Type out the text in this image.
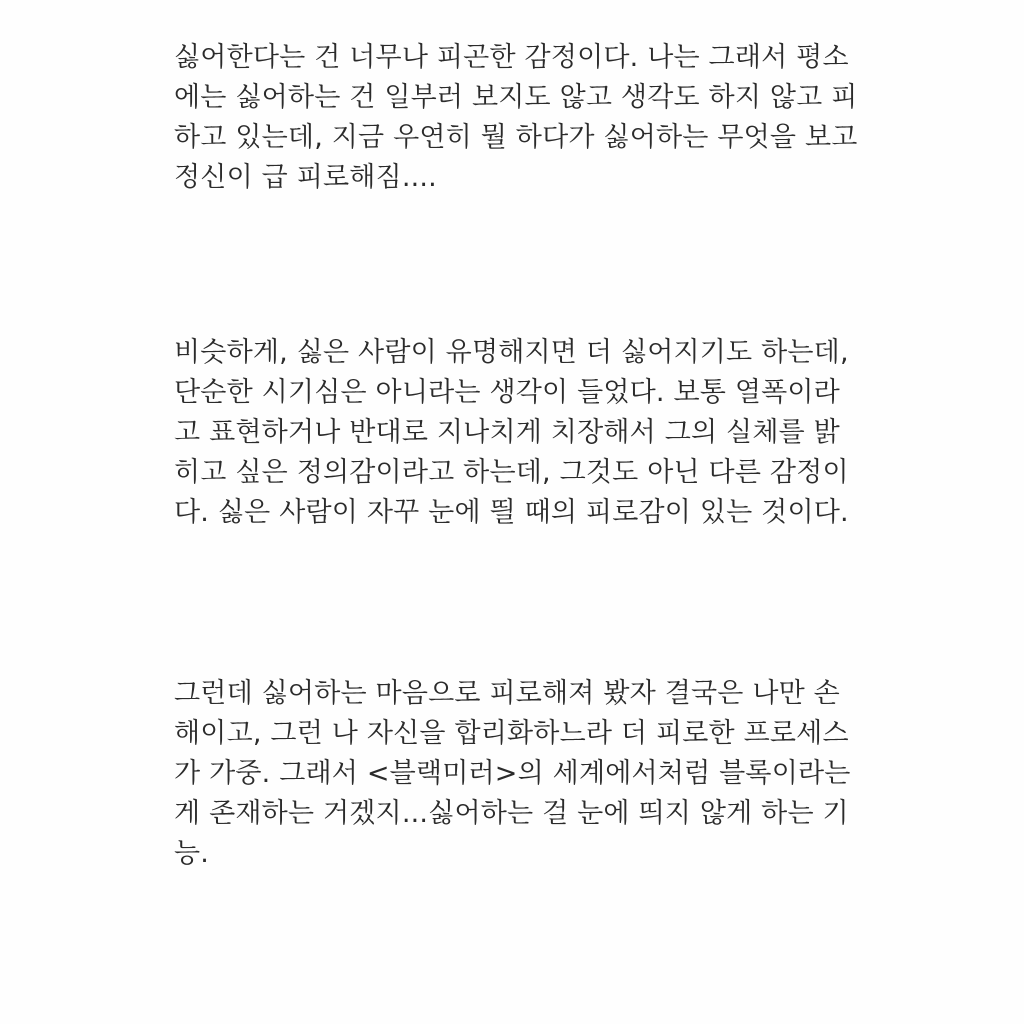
싫어한다는 건 너무나 피곤한 감정이다. 나는 그래서 평소
에는 싫어하는 건 일부러 보지도 않고 생각도 하지 않고 피
하고 있는데, 지금 우연히 뭘 하다가 싫어하는 무엇을 보고
정신이 급 피로해짐....

비슷하게, 싫은 사람이 유명해지면 더 싫어지기도 하는데,
단순한 시기심은 아니라는 생각이 들었다. 보통 열폭이라
고 표현하거나 반대로 지나치게 치장해서 그의 실체를 밝
히고 싶은 정의감이라고 하는데, 그것도 아닌 다른 감정이
다. 싫은 사람이 자꾸 눈에 띌 때의 피로감이 있는 것이다.

그런데 싫어하는 마음으로 피로해져 봤자 결국은 나만 손
해이고, 그런 나 자신을 합리화하느라 더 피로한 프로세스
가 가중. 그래서 <블랙미러>의 세계에서처럼 블록이라는
게 존재하는 거겠지...싫어하는 걸 눈에 띄지 않게 하는 기
능.
